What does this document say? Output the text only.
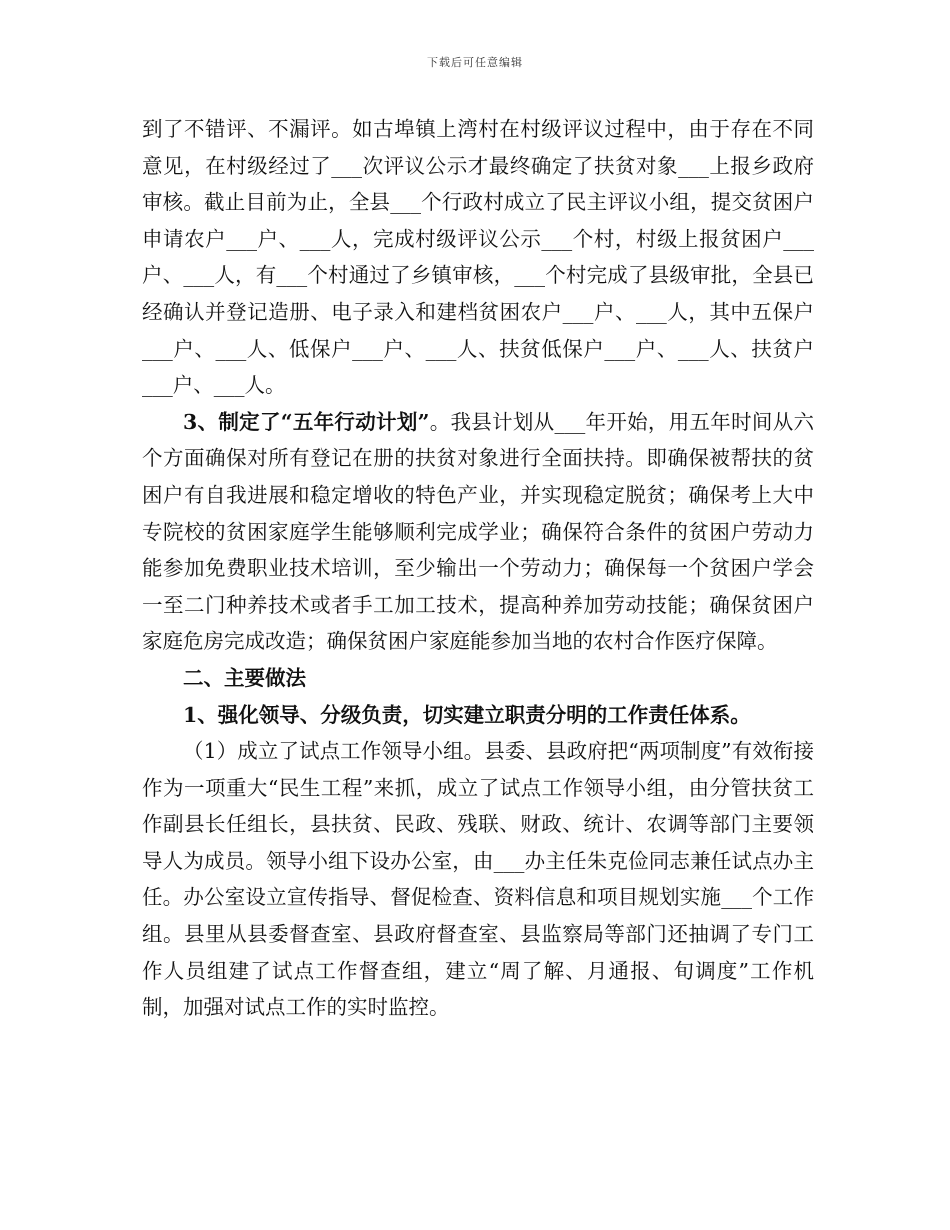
下载后可任意编辑

到了不错评、不漏评。如古埠镇上湾村在村级评议过程中，由于存在不同意见，在村级经过了___次评议公示才最终确定了扶贫对象___上报乡政府审核。截止目前为止，全县___个行政村成立了民主评议小组，提交贫困户申请农户___户、___人，完成村级评议公示___个村，村级上报贫困户___户、___人，有___个村通过了乡镇审核，___个村完成了县级审批，全县已经确认并登记造册、电子录入和建档贫困农户___户、___人，其中五保户___户、___人、低保户___户、___人、扶贫低保户___户、___人、扶贫户___户、___人。

3、制定了“五年行动计划”。我县计划从___年开始，用五年时间从六个方面确保对所有登记在册的扶贫对象进行全面扶持。即确保被帮扶的贫困户有自我进展和稳定增收的特色产业，并实现稳定脱贫；确保考上大中专院校的贫困家庭学生能够顺利完成学业；确保符合条件的贫困户劳动力能参加免费职业技术培训，至少输出一个劳动力；确保每一个贫困户学会一至二门种养技术或者手工加工技术，提高种养加劳动技能；确保贫困户家庭危房完成改造；确保贫困户家庭能参加当地的农村合作医疗保障。

二、主要做法

1、强化领导、分级负责，切实建立职责分明的工作责任体系。

（1）成立了试点工作领导小组。县委、县政府把“两项制度”有效衔接作为一项重大“民生工程”来抓，成立了试点工作领导小组，由分管扶贫工作副县长任组长，县扶贫、民政、残联、财政、统计、农调等部门主要领导人为成员。领导小组下设办公室，由___办主任朱克俭同志兼任试点办主任。办公室设立宣传指导、督促检查、资料信息和项目规划实施___个工作组。县里从县委督查室、县政府督查室、县监察局等部门还抽调了专门工作人员组建了试点工作督查组，建立“周了解、月通报、旬调度”工作机制，加强对试点工作的实时监控。
